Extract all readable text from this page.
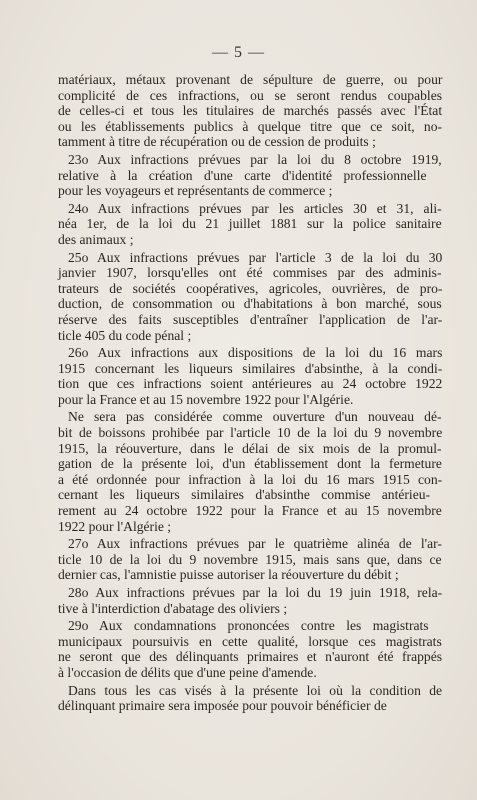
— 5 —
matériaux, métaux provenant de sépulture de guerre, ou pour
complicité de ces infractions, ou se seront rendus coupables
de celles-ci et tous les titulaires de marchés passés avec l'État
ou les établissements publics à quelque titre que ce soit, no-
tamment à titre de récupération ou de cession de produits ;
23o Aux infractions prévues par la loi du 8 octobre 1919,
relative à la création d'une carte d'identité professionnelle
pour les voyageurs et représentants de commerce ;
24o Aux infractions prévues par les articles 30 et 31, ali-
néa 1er, de la loi du 21 juillet 1881 sur la police sanitaire
des animaux ;
25o Aux infractions prévues par l'article 3 de la loi du 30
janvier 1907, lorsqu'elles ont été commises par des adminis-
trateurs de sociétés coopératives, agricoles, ouvrières, de pro-
duction, de consommation ou d'habitations à bon marché, sous
réserve des faits susceptibles d'entraîner l'application de l'ar-
ticle 405 du code pénal ;
26o Aux infractions aux dispositions de la loi du 16 mars
1915 concernant les liqueurs similaires d'absinthe, à la condi-
tion que ces infractions soient antérieures au 24 octobre 1922
pour la France et au 15 novembre 1922 pour l'Algérie.
Ne sera pas considérée comme ouverture d'un nouveau dé-
bit de boissons prohibée par l'article 10 de la loi du 9 novembre
1915, la réouverture, dans le délai de six mois de la promul-
gation de la présente loi, d'un établissement dont la fermeture
a été ordonnée pour infraction à la loi du 16 mars 1915 con-
cernant les liqueurs similaires d'absinthe commise antérieu-
rement au 24 octobre 1922 pour la France et au 15 novembre
1922 pour l'Algérie ;
27o Aux infractions prévues par le quatrième alinéa de l'ar-
ticle 10 de la loi du 9 novembre 1915, mais sans que, dans ce
dernier cas, l'amnistie puisse autoriser la réouverture du débit ;
28o Aux infractions prévues par la loi du 19 juin 1918, rela-
tive à l'interdiction d'abatage des oliviers ;
29o Aux condamnations prononcées contre les magistrats
municipaux poursuivis en cette qualité, lorsque ces magistrats
ne seront que des délinquants primaires et n'auront été frappés
à l'occasion de délits que d'une peine d'amende.
Dans tous les cas visés à la présente loi où la condition de
délinquant primaire sera imposée pour pouvoir bénéficier de
